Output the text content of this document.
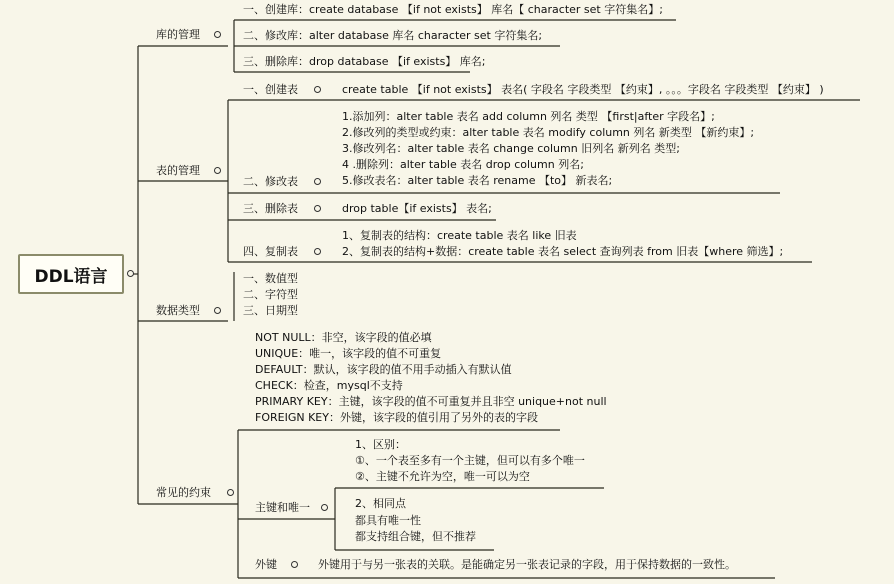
DDL语言
库的管理
一、创建库：create database 【if not exists】 库名【 character set 字符集名】;
二、修改库：alter database 库名 character set 字符集名;
三、删除库：drop database 【if exists】 库名;
表的管理
一、创建表	create table 【if not exists】 表名( 字段名 字段类型 【约束】, 。。。字段名 字段类型 【约束】 )
二、修改表
1.添加列：alter table 表名 add column 列名 类型 【first|after 字段名】;
2.修改列的类型或约束：alter table 表名 modify column 列名 新类型 【新约束】;
3.修改列名：alter table 表名 change column 旧列名 新列名 类型;
4 .删除列：alter table 表名 drop column 列名;
5.修改表名：alter table 表名 rename 【to】 新表名;
三、删除表	drop table【if exists】 表名;
四、复制表
1、复制表的结构：create table 表名 like 旧表
2、复制表的结构+数据：create table 表名 select 查询列表 from 旧表【where 筛选】;
数据类型
一、数值型
二、字符型
三、日期型
常见的约束
NOT NULL：非空，该字段的值必填
UNIQUE：唯一，该字段的值不可重复
DEFAULT：默认，该字段的值不用手动插入有默认值
CHECK：检查，mysql不支持
PRIMARY KEY：主键，该字段的值不可重复并且非空 unique+not null
FOREIGN KEY：外键，该字段的值引用了另外的表的字段
主键和唯一
1、区别：
①、一个表至多有一个主键，但可以有多个唯一
②、主键不允许为空，唯一可以为空
2、相同点
都具有唯一性
都支持组合键，但不推荐
外键	外键用于与另一张表的关联。是能确定另一张表记录的字段，用于保持数据的一致性。
